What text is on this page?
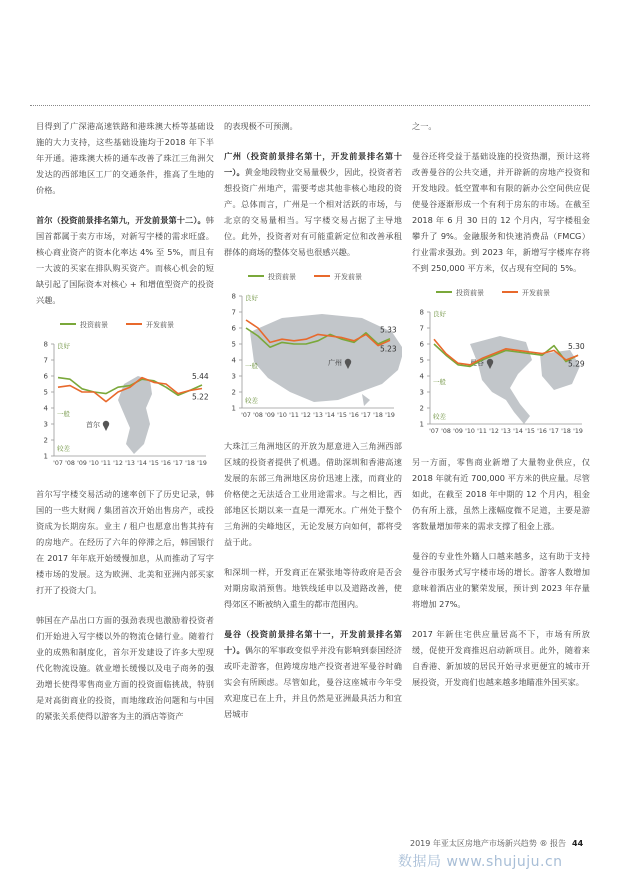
目得到了广深港高速铁路和港珠澳大桥等基础设施的大力支持，这些基础设施均于2018 年下半年开通。港珠澳大桥的通车改善了珠江三角洲欠发达的西部地区工厂的交通条件，推高了生地的价格。

首尔（投资前景排名第九，开发前景第十二）。韩国首都属于卖方市场，对新写字楼的需求旺盛。核心商业资产的资本化率达 4% 至 5%，而且有一大波的买家在排队购买资产。而核心机会的短缺引起了国际资本对核心 + 和增值型资产的投资兴趣。

投资前景	开发前景
良好
一般
较差
1
2
3
4
5
6
7
8
'07 '08 '09 '10 '11 '12 '13 '14 '15 '16 '17 '18 '19
首尔
5.44
5.22

首尔写字楼交易活动的速率创下了历史记录，韩国的一些大财阀 / 集团首次开始出售房产，或投资成为长期房东。业主 / 租户也愿意出售其持有的房地产。在经历了六年的停滞之后，韩国银行在 2017 年年底开始缓慢加息，从而推动了写字楼市场的发展。这为欧洲、北美和亚洲内部买家打开了投资大门。

韩国在产品出口方面的强劲表现也激励着投资者们开始进入写字楼以外的物流仓储行业。随着行业的成熟和制度化，首尔开发建设了许多大型现代化物流设施。就业增长缓慢以及电子商务的强劲增长使得零售商业方面的投资面临挑战，特别是对高街商业的投资，而地缘政治问题和与中国的紧张关系使得以游客为主的酒店等资产

的表现极不可预测。

广州（投资前景排名第十，开发前景排名第十一）。黄金地段物业交易量极少，因此，投资者若想投资广州地产，需要考虑其他非核心地段的资产。总体而言，广州是一个相对活跃的市场，与北京的交易量相当。写字楼交易占据了主导地位。此外，投资者对有可能重新定位和改善承租群体的商场的整体交易也很感兴趣。

投资前景	开发前景
良好
一般
较差
1
2
3
4
5
6
7
8
'07 '08 '09 '10 '11 '12 '13 '14 '15 '16 '17 '18 '19
广州
5.33
5.23

大珠江三角洲地区的开放为愿意进入三角洲西部区域的投资者提供了机遇。借助深圳和香港高速发展的东部三角洲地区房价迅速上涨，而商业的价格使之无法适合工业用途需求。与之相比，西部地区长期以来一直是一潭死水。广州处于整个三角洲的尖峰地区，无论发展方向如何，都将受益于此。

和深圳一样，开发商正在紧张地等待政府是否会对期房取消预售。地铁线延申以及道路改善，使得郊区不断被纳入重生的都市范围内。

曼谷（投资前景排名第十一，开发前景排名第十）。偶尔的军事政变似乎并没有影响到泰国经济或吓走游客，但跨境房地产投资者进军曼谷时确实会有所顾虑。尽管如此，曼谷这座城市今年受欢迎度已在上升，并且仍然是亚洲最具活力和宜居城市

之一。

曼谷还将受益于基础设施的投资热潮，预计这将改善曼谷的公共交通，并开辟新的房地产投资和开发地段。低空置率和有限的新办公空间供应促使曼谷逐渐形成一个有利于房东的市场。在截至 2018 年 6 月 30 日的 12 个月内，写字楼租金攀升了 9%。金融服务和快速消费品（FMCG）行业需求强劲。到 2023 年，新增写字楼库存将不到 250,000 平方米，仅占现有空间的 5%。

投资前景	开发前景
良好
一般
较差
1
2
3
4
5
6
7
8
'07 '08 '09 '10 '11 '12 '13 '14 '15 '16 '17 '18 '19
曼谷
5.30
5.29

另一方面，零售商业新增了大量物业供应，仅 2018 年就有近 700,000 平方米的供应量。尽管如此，在截至 2018 年中期的 12 个月内，租金仍有所上涨，虽然上涨幅度微不足道，主要是游客数量增加带来的需求支撑了租金上涨。

曼谷的专业性外籍人口越来越多，这有助于支持曼谷市服务式写字楼市场的增长。游客人数增加意味着酒店业的繁荣发展，预计到 2023 年存量将增加 27%。

2017 年新住宅供应量居高不下，市场有所放缓，促使开发商推迟启动新项目。此外，随着来自香港、新加坡的居民开始寻求更便宜的城市开展投资，开发商们也越来越多地瞄准外国买家。

2019 年亚太区房地产市场新兴趋势 ® 报告 44
数据局 www.shujuju.cn
